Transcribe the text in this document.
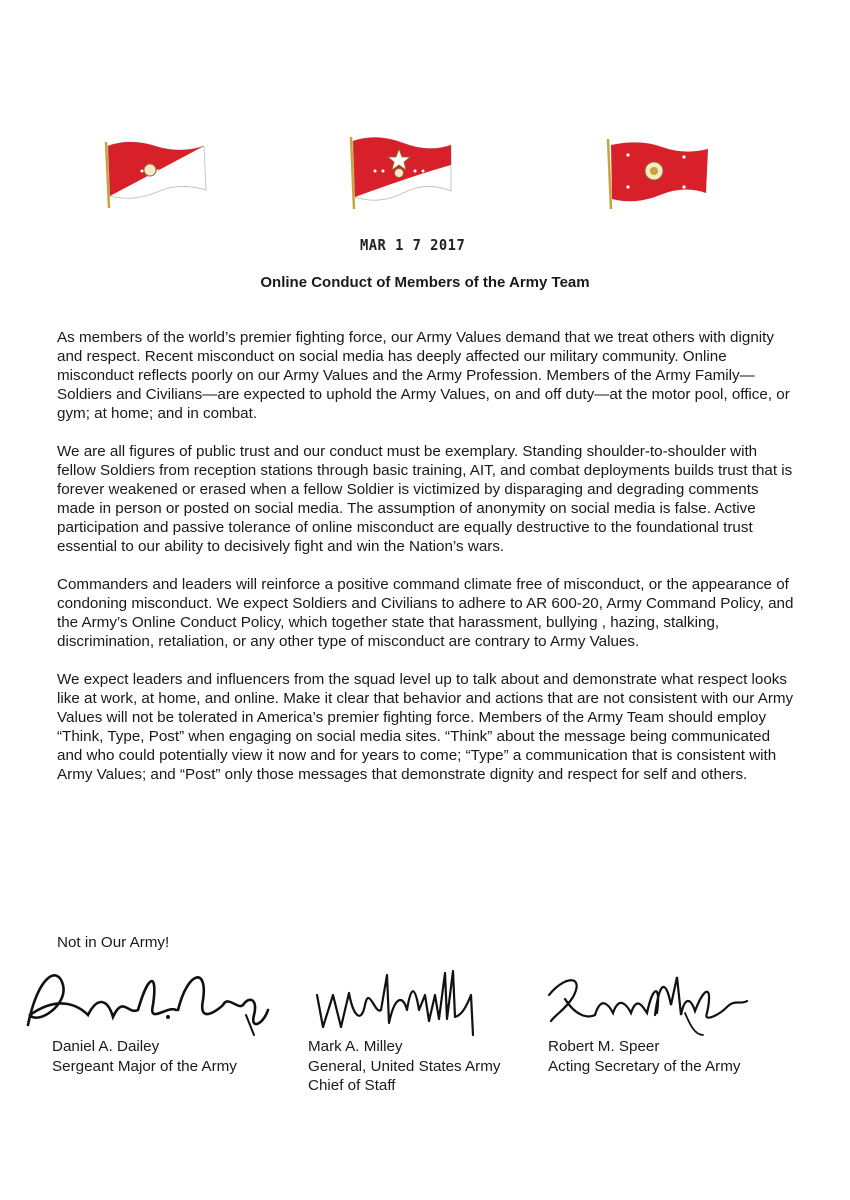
MAR 1 7 2017
Online Conduct of Members of the Army Team

As members of the world’s premier fighting force, our Army Values demand that we treat others with dignity and respect. Recent misconduct on social media has deeply affected our military community. Online misconduct reflects poorly on our Army Values and the Army Profession. Members of the Army Family—Soldiers and Civilians—are expected to uphold the Army Values, on and off duty—at the motor pool, office, or gym; at home; and in combat.

We are all figures of public trust and our conduct must be exemplary. Standing shoulder-to-shoulder with fellow Soldiers from reception stations through basic training, AIT, and combat deployments builds trust that is forever weakened or erased when a fellow Soldier is victimized by disparaging and degrading comments made in person or posted on social media. The assumption of anonymity on social media is false. Active participation and passive tolerance of online misconduct are equally destructive to the foundational trust essential to our ability to decisively fight and win the Nation’s wars.

Commanders and leaders will reinforce a positive command climate free of misconduct, or the appearance of condoning misconduct. We expect Soldiers and Civilians to adhere to AR 600-20, Army Command Policy, and the Army’s Online Conduct Policy, which together state that harassment, bullying , hazing, stalking, discrimination, retaliation, or any other type of misconduct are contrary to Army Values.

We expect leaders and influencers from the squad level up to talk about and demonstrate what respect looks like at work, at home, and online. Make it clear that behavior and actions that are not consistent with our Army Values will not be tolerated in America’s premier fighting force. Members of the Army Team should employ “Think, Type, Post” when engaging on social media sites. “Think” about the message being communicated and who could potentially view it now and for years to come; “Type” a communication that is consistent with Army Values; and “Post” only those messages that demonstrate dignity and respect for self and others.

Not in Our Army!
Daniel A. Dailey
Sergeant Major of the Army
Mark A. Milley
General, United States Army
Chief of Staff
Robert M. Speer
Acting Secretary of the Army
